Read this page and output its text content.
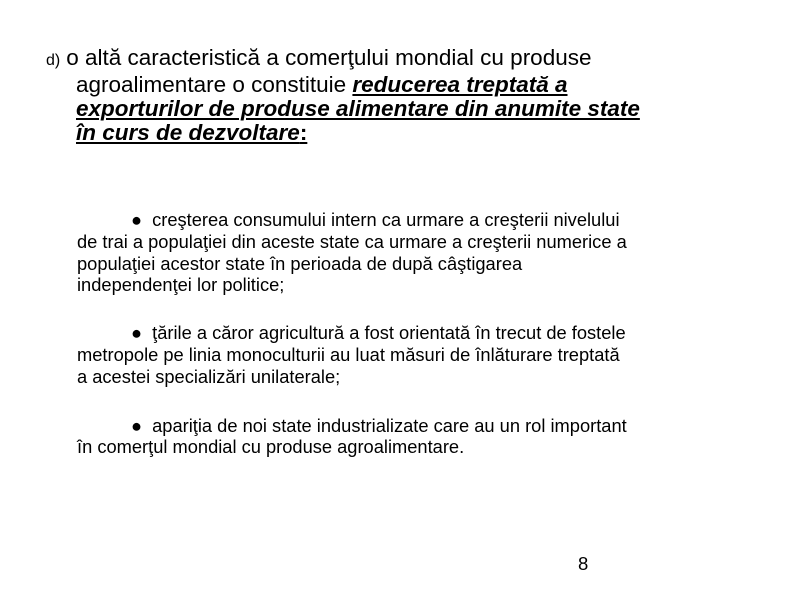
d) o altă caracteristică a comerţului mondial cu produse
agroalimentare o constituie reducerea treptată a
exporturilor de produse alimentare din anumite state
în curs de dezvoltare:
● creşterea consumului intern ca urmare a creşterii nivelului
de trai a populaţiei din aceste state ca urmare a creşterii numerice a
populaţiei acestor state în perioada de după câştigarea
independenţei lor politice;
● ţările a căror agricultură a fost orientată în trecut de fostele
metropole pe linia monoculturii au luat măsuri de înlăturare treptată
a acestei specializări unilaterale;
● apariţia de noi state industrializate care au un rol important
în comerţul mondial cu produse agroalimentare.
8
